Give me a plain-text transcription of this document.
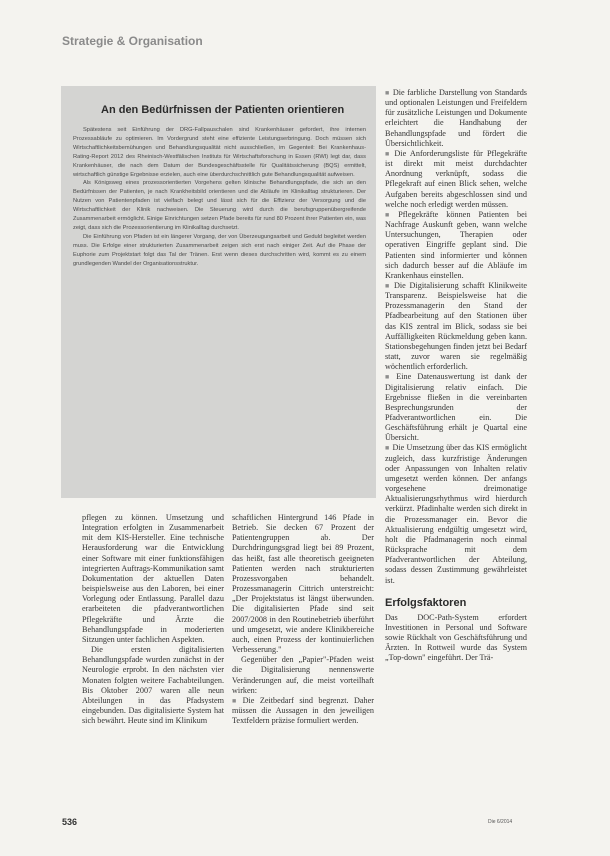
Strategie & Organisation
An den Bedürfnissen der Patienten orientieren

Spätestens seit Einführung der DRG-Fallpauschalen sind Krankenhäuser gefordert, ihre internen Prozessabläufe zu optimieren. Im Vordergrund steht eine effiziente Leistungserbringung. Doch müssen sich Wirtschaftlichkeitsbemühungen und Behandlungsqualität nicht ausschließen, im Gegenteil: Bei Krankenhaus-Rating-Report 2012 des Rheinisch-Westfälischen Instituts für Wirtschaftsforschung in Essen (RWI) legt dar, dass Krankenhäuser, die nach dem Datum der Bundesgeschäftsstelle für Qualitätssicherung (BQS) ermittelt, wirtschaftlich günstige Ergebnisse erzielen, auch eine überdurchschnittlich gute Behandlungsqualität aufweisen.

Als Königsweg eines prozessorientierten Vorgehens gelten klinische Behandlungspfade, die sich an den Bedürfnissen der Patienten, je nach Krankheitsbild orientieren und die Abläufe im Klinikalltag strukturieren. Der Nutzen von Patientenpfaden ist vielfach belegt und lässt sich für die Effizienz der Versorgung und die Wirtschaftlichkeit der Klinik nachweisen. Die Steuerung wird durch die berufsgruppenübergreifende Zusammenarbeit ermöglicht. Einige Einrichtungen setzen Pfade bereits für rund 80 Prozent ihrer Patienten ein, was zeigt, dass sich die Prozessorientierung im Klinikalltag durchsetzt.

Die Einführung von Pfaden ist ein längerer Vorgang, der von Überzeugungsarbeit und Geduld begleitet werden muss. Die Erfolge einer strukturierten Zusammenarbeit zeigen sich erst nach einiger Zeit. Auf die Phase der Euphorie zum Projektstart folgt das Tal der Tränen. Erst wenn dieses durchschritten wird, kommt es zu einem grundlegenden Wandel der Organisationsstruktur.

pflegen zu können. Umsetzung und Integration erfolgten in Zusammenarbeit mit dem KIS-Hersteller. Eine technische Herausforderung war die Entwicklung einer Software mit einer funktionsfähigen integrierten Auftrags-Kommunikation samt Dokumentation der aktuellen Daten beispielsweise aus den Laboren, bei einer Vorlegung oder Entlassung. Parallel dazu erarbeiteten die pfadverantwortlichen Pflegekräfte und Ärzte die Behandlungspfade in moderierten Sitzungen unter fachlichen Aspekten.

Die ersten digitalisierten Behandlungspfade wurden zunächst in der Neurologie erprobt. In den nächsten vier Monaten folgten weitere Fachabteilungen. Bis Oktober 2007 waren alle neun Abteilungen in das Pfadsystem eingebunden. Das digitalisierte System hat sich bewährt. Heute sind im Klinikum

schaftlichen Hintergrund 146 Pfade in Betrieb. Sie decken 67 Prozent der Patientengruppen ab. Der Durchdringungsgrad liegt bei 89 Prozent, das heißt, fast alle theoretisch geeigneten Patienten werden nach strukturierten Prozessvorgaben behandelt. Prozessmanagerin Cittrich unterstreicht: „Der Projektstatus ist längst überwunden. Die digitalisierten Pfade sind seit 2007/2008 in den Routinebetrieb überführt und umgesetzt, wie andere Klinikbereiche auch, einen Prozess der kontinuierlichen Verbesserung."

Gegenüber den „Papier"-Pfaden weist die Digitalisierung nennenswerte Veränderungen auf, die meist vorteilhaft wirken:

■ Die Zeitbedarf sind begrenzt. Daher müssen die Aussagen in den jeweiligen Textfeldern präzise formuliert werden.

■ Die farbliche Darstellung von Standards und optionalen Leistungen und Freifeldern für zusätzliche Leistungen und Dokumente erleichtert die Handhabung der Behandlungspfade und fördert die Übersichtlichkeit.

■ Die Anforderungsliste für Pflegekräfte ist direkt mit meist durchdachter Anordnung verknüpft, sodass die Pflegekraft auf einen Blick sehen, welche Aufgaben bereits abgeschlossen sind und welche noch erledigt werden müssen.

■ Pflegekräfte können Patienten bei Nachfrage Auskunft geben, wann welche Untersuchungen, Therapien oder operativen Eingriffe geplant sind. Die Patienten sind informierter und können sich dadurch besser auf die Abläufe im Krankenhaus einstellen.

■ Die Digitalisierung schafft Klinikweite Transparenz. Beispielsweise hat die Prozessmanagerin den Stand der Pfadbearbeitung auf den Stationen über das KIS zentral im Blick, sodass sie bei Auffälligkeiten Rückmeldung geben kann. Stationsbegehungen finden jetzt bei Bedarf statt, zuvor waren sie regelmäßig wöchentlich erforderlich.

■ Eine Datenauswertung ist dank der Digitalisierung relativ einfach. Die Ergebnisse fließen in die vereinbarten Besprechungsrunden der Pfadverantwortlichen ein. Die Geschäftsführung erhält je Quartal eine Übersicht.

■ Die Umsetzung über das KIS ermöglicht zugleich, dass kurzfristige Änderungen oder Anpassungen von Inhalten relativ umgesetzt werden können. Der anfangs vorgesehene dreimonatige Aktualisierungsrhythmus wird hierdurch verkürzt. Pfadinhalte werden sich direkt in die Prozessmanager ein. Bevor die Aktualisierung endgültig umgesetzt wird, holt die Pfadmanagerin noch einmal Rücksprache mit dem Pfadverantwortlichen der Abteilung, sodass dessen Zustimmung gewährleistet ist.

Erfolgsfaktoren

Das DOC-Path-System erfordert Investitionen in Personal und Software sowie Rückhalt von Geschäftsführung und Ärzten. In Rottweil wurde das System „Top-down" eingeführt. Der Trä-

536	Die 6/2014
